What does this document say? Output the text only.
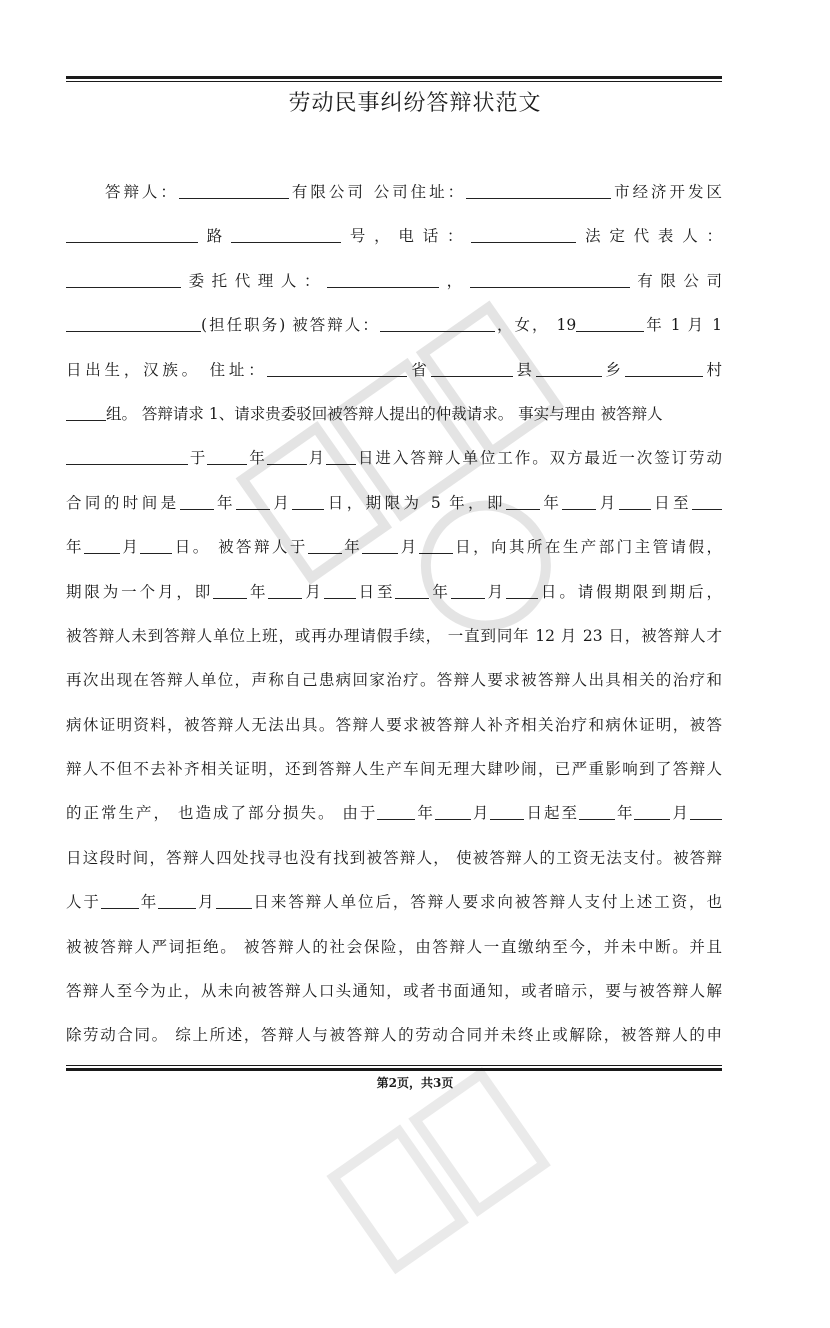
劳动民事纠纷答辩状范文
答辩人：	有限公司 公司住址：	市经济开发区
路	号，电话：	法定代表人：
委托代理人：	，	有限公司
(担任职务) 被答辩人：	，女， 19	年 1 月 1
日出生，汉族。 住址：	省	县	乡	村
组。 答辩请求 1、请求贵委驳回被答辩人提出的仲裁请求。 事实与理由 被答辩人
于	年	月 日进入答辩人单位工作。双方最近一次签订劳动
合同的时间是 年 月 日，期限为 5 年，即 年 月 日至
年 月 日。 被答辩人于 年 月 日，向其所在生产部门主管请假，
期限为一个月，即 年 月 日至 年 月 日。请假期限到期后，
被答辩人未到答辩人单位上班，或再办理请假手续， 一直到同年 12 月 23 日，被答辩人才
再次出现在答辩人单位，声称自己患病回家治疗。答辩人要求被答辩人出具相关的治疗和
病休证明资料，被答辩人无法出具。答辩人要求被答辩人补齐相关治疗和病休证明，被答
辩人不但不去补齐相关证明，还到答辩人生产车间无理大肆吵闹，已严重影响到了答辩人
的正常生产， 也造成了部分损失。 由于 年 月 日起至 年 月
日这段时间，答辩人四处找寻也没有找到被答辩人， 使被答辩人的工资无法支付。被答辩
人于 年 月 日来答辩人单位后，答辩人要求向被答辩人支付上述工资，也
被被答辩人严词拒绝。 被答辩人的社会保险，由答辩人一直缴纳至今，并未中断。并且
答辩人至今为止，从未向被答辩人口头通知，或者书面通知，或者暗示，要与被答辩人解
除劳动合同。 综上所述，答辩人与被答辩人的劳动合同并未终止或解除，被答辩人的申
第2页，共3页
